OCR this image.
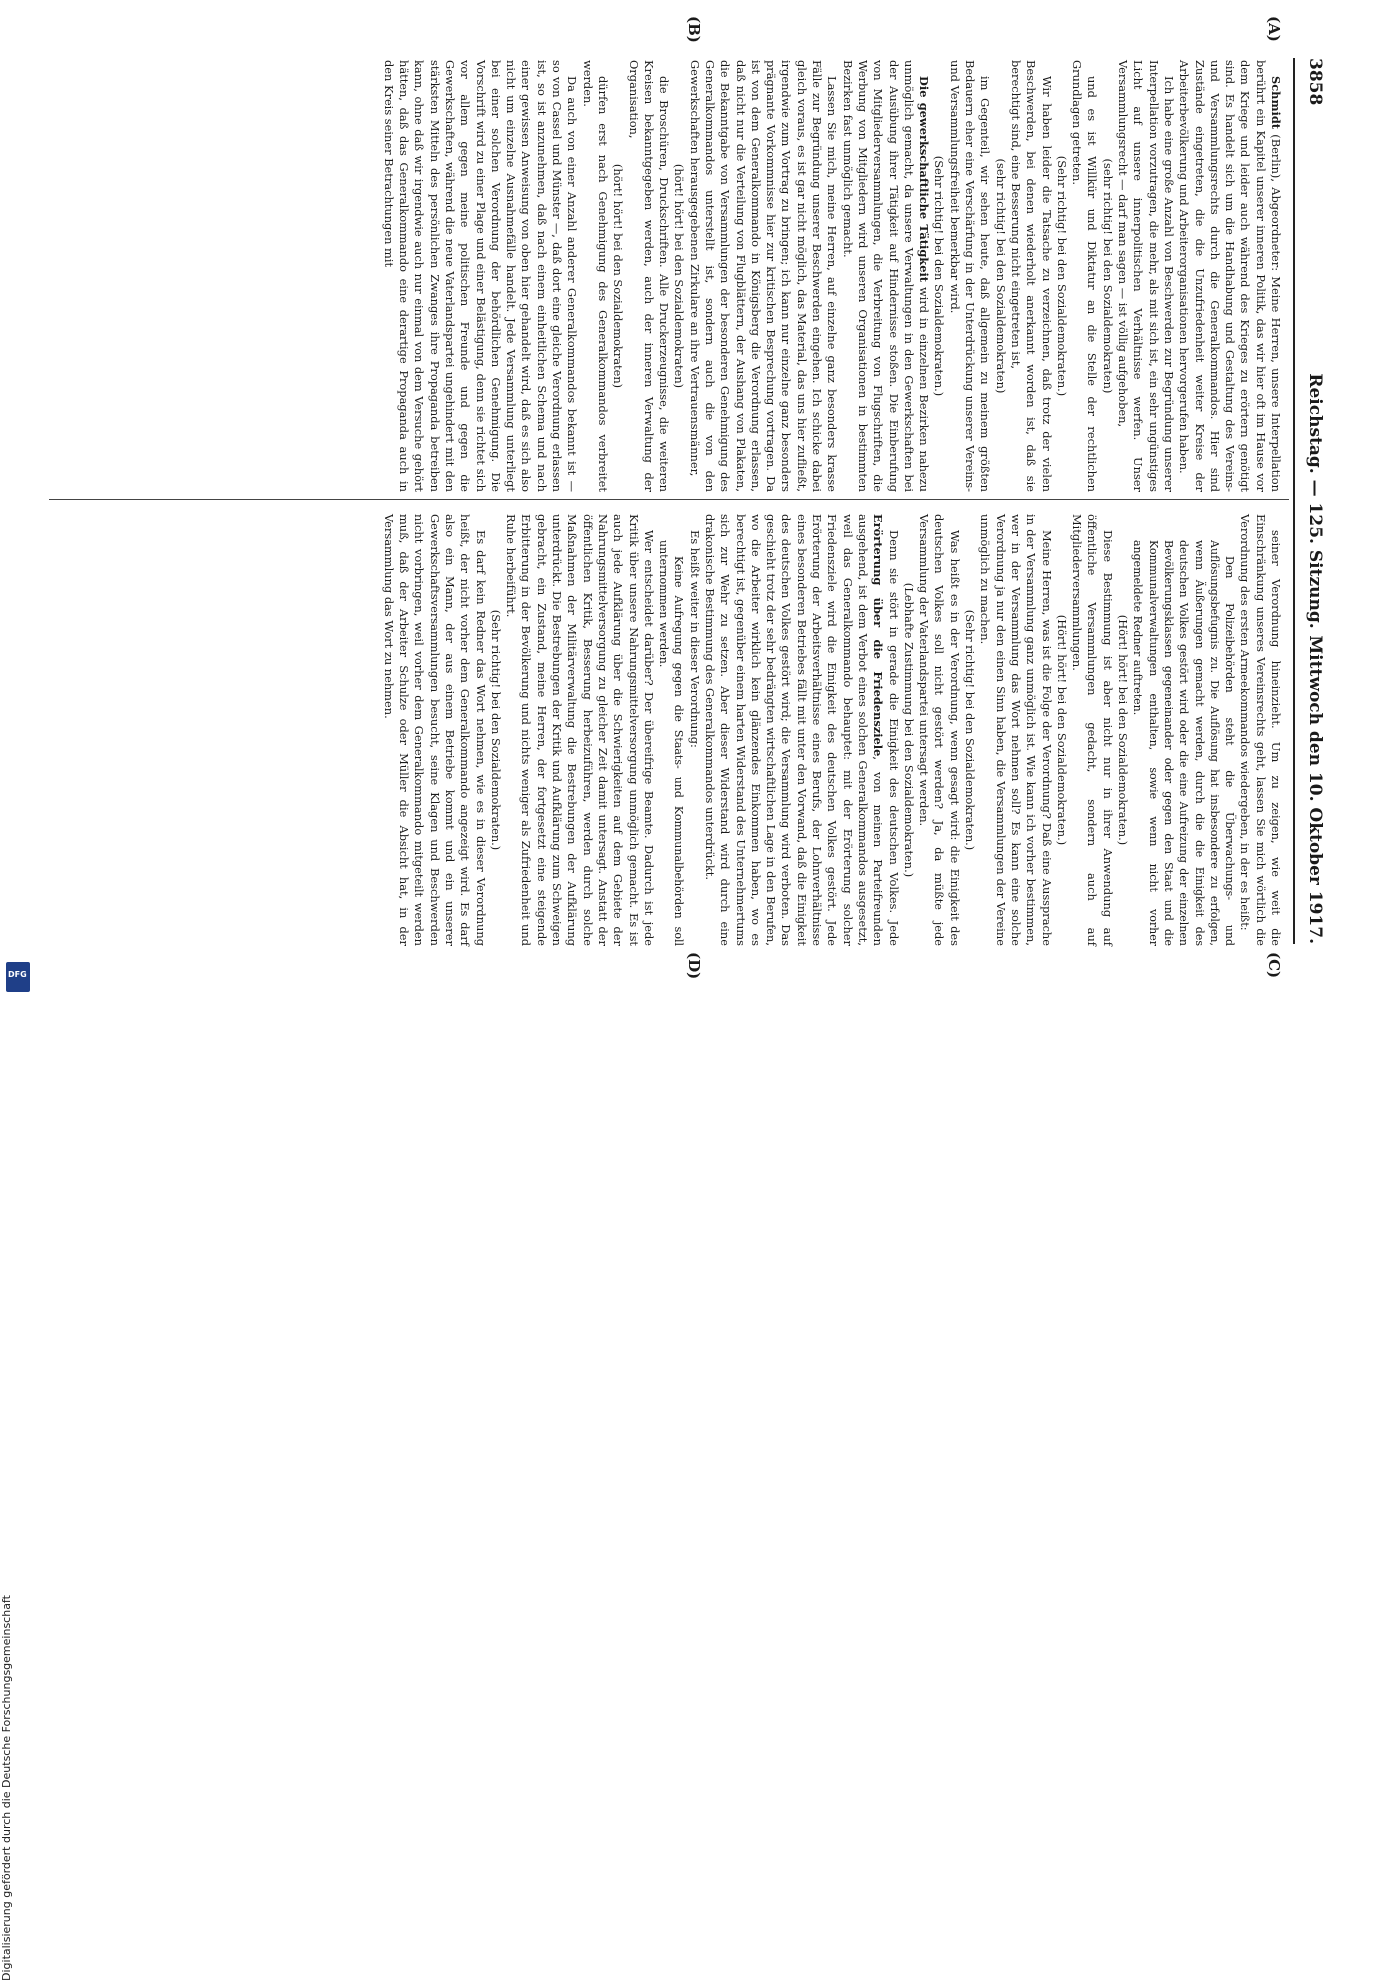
3858
Reichstag. — 125. Sitzung.
Mittwoch den 10. Oktober 1917.
(A)
(B)
(C)
(D)

Schmidt (Berlin), Abgeordneter: Meine Herren, unsere Interpellation berührt ein Kapitel unserer inneren Politik, das wir hier oft im Hause vor dem Kriege und leider auch während des Krieges zu erörtern genötigt sind. Es handelt sich um die Handhabung und Gestaltung des Vereins- und Versammlungsrechts durch die Generalkommandos. Hier sind Zustände eingetreten, die die Unzufriedenheit weiter Kreise der Arbeiterbevölkerung und Arbeiterorganisationen hervorgerufen haben.

Ich habe eine große Anzahl von Beschwerden zur Begründung unserer Interpellation vorzutragen, die mehr, als mit sich ist, ein sehr ungünstiges Licht auf unsere innerpolitischen Verhältnisse werfen. Unser Versammlungsrecht — darf man sagen — ist völlig aufgehoben,

(sehr richtig! bei den Sozialdemokraten)

und es ist Willkür und Diktatur an die Stelle der rechtlichen Grundlagen getreten.

(Sehr richtig! bei den Sozialdemokraten.)

Wir haben leider die Tatsache zu verzeichnen, daß trotz der vielen Beschwerden, bei denen wiederholt anerkannt worden ist, daß sie berechtigt sind, eine Besserung nicht eingetreten ist,

(sehr richtig! bei den Sozialdemokraten)

im Gegenteil, wir sehen heute, daß allgemein zu meinem größten Bedauern eher eine Verschärfung in der Unterdrückung unserer Vereins- und Versammlungsfreiheit bemerkbar wird.

(Sehr richtig! bei den Sozialdemokraten.)

Die gewerkschaftliche Tätigkeit wird in einzelnen Bezirken nahezu unmöglich gemacht, da unsere Verwaltungen in den Gewerkschaften bei der Ausübung ihrer Tätigkeit auf Hindernisse stoßen. Die Einberufung von Mitgliederversammlungen, die Verbreitung von Flugschriften, die Werbung von Mitgliedern wird unseren Organisationen in bestimmten Bezirken fast unmöglich gemacht.

Lassen Sie mich, meine Herren, auf einzelne ganz besonders krasse Fälle zur Begründung unserer Beschwerden eingehen. Ich schicke dabei gleich voraus, es ist gar nicht möglich, das Material, das uns hier zufließt, irgendwie zum Vortrag zu bringen; ich kann nur einzelne ganz besonders prägnante Vorkommnisse hier zur kritischen Besprechung vortragen. Da ist von dem Generalkommando in Königsberg die Verordnung erlassen, daß nicht nur die Verteilung von Flugblättern, der Aushang von Plakaten, die Bekanntgabe von Versammlungen der besonderen Genehmigung des Generalkommandos unterstellt ist, sondern auch die von den Gewerkschaften herausgegebenen Zirkulare an ihre Vertrauensmänner,

(hört! hört! bei den Sozialdemokraten)

die Broschüren, Druckschriften. Alle Druckerzeugnisse, die weiteren Kreisen bekanntgegeben werden, auch der inneren Verwaltung der Organisation,

(hört! hört! bei den Sozialdemokraten)

dürfen erst nach Genehmigung des Generalkommandos verbreitet werden.

Da auch von einer Anzahl anderer Generalkommandos bekannt ist — so von Cassel und Münster —, daß dort eine gleiche Verordnung erlassen ist, so ist anzunehmen, daß nach einem einheitlichen Schema und nach einer gewissen Anweisung von oben hier gehandelt wird, daß es sich also nicht um einzelne Ausnahmefälle handelt. Jede Versammlung unterliegt bei einer solchen Verordnung der behördlichen Genehmigung. Die Vorschrift wird zu einer Plage und einer Belästigung, denn sie richtet sich vor allem gegen meine politischen Freunde und gegen die Gewerkschaften, während die neue Vaterlandspartei ungehindert mit den stärksten Mitteln des persönlichen Zwanges ihre Propaganda betreiben kann, ohne daß wir irgendwie auch nur einmal von dem Versuche gehört hätten, daß das Generalkommando eine derartige Propaganda auch in den Kreis seiner Betrachtungen mit

seiner Verordnung hineinzieht. Um zu zeigen, wie weit die Einschränkung unseres Vereinsrechts geht, lassen Sie mich wörtlich die Verordnung des ersten Armeekommandos wiedergeben, in der es heißt:

Den Polizeibehörden steht die Überwachungs- und Auflösungsbefugnis zu. Die Auflösung hat insbesondere zu erfolgen, wenn Äußerungen gemacht werden, durch die die Einigkeit des deutschen Volkes gestört wird oder die eine Aufreizung der einzelnen Bevölkerungsklassen gegeneinander oder gegen den Staat und die Kommunalverwaltungen enthalten, sowie wenn nicht vorher angemeldete Redner auftreten.

(Hört! hört! bei den Sozialdemokraten.)

Diese Bestimmung ist aber nicht nur in ihrer Anwendung auf öffentliche Versammlungen gedacht, sondern auch auf Mitgliederversammlungen.

(Hört! hört! bei den Sozialdemokraten.)

Meine Herren, was ist die Folge der Verordnung? Daß eine Aussprache in der Versammlung ganz unmöglich ist. Wie kann ich vorher bestimmen, wer in der Versammlung das Wort nehmen soll? Es kann eine solche Verordnung ja nur den einen Sinn haben, die Versammlungen der Vereine unmöglich zu machen.

(Sehr richtig! bei den Sozialdemokraten.)

Was heißt es in der Verordnung, wenn gesagt wird: die Einigkeit des deutschen Volkes soll nicht gestört werden? Ja, da müßte jede Versammlung der Vaterlandspartei untersagt werden.

(Lebhafte Zustimmung bei den Sozialdemokraten.)

Denn sie stört in gerade die Einigkeit des deutschen Volkes. Jede Erörterung über die Friedensziele, von meinen Parteifreunden ausgehend, ist dem Verbot eines solchen Generalkommandos ausgesetzt, weil das Generalkommando behauptet: mit der Erörterung solcher Friedensziele wird die Einigkeit des deutschen Volkes gestört. Jede Erörterung der Arbeitsverhältnisse eines Berufs, der Lohnverhältnisse eines besonderen Betriebes fällt mit unter den Vorwand, daß die Einigkeit des deutschen Volkes gestört wird; die Versammlung wird verboten. Das geschieht trotz der sehr bedrängten wirtschaftlichen Lage in den Berufen, wo die Arbeiter wirklich kein glänzendes Einkommen haben, wo es berechtigt ist, gegenüber einem harten Widerstand des Unternehmertums sich zur Wehr zu setzen. Aber dieser Widerstand wird durch eine drakonische Bestimmung des Generalkommandos unterdrückt.

Es heißt weiter in dieser Verordnung:

Keine Aufregung gegen die Staats- und Kommunalbehörden soll unternommen werden.

Wer entscheidet darüber? Der übereifrige Beamte. Dadurch ist jede Kritik über unsere Nahrungsmittelversorgung unmöglich gemacht. Es ist auch jede Aufklärung über die Schwierigkeiten auf dem Gebiete der Nahrungsmittelversorgung zu gleicher Zeit damit untersagt. Anstatt der öffentlichen Kritik, Besserung herbeizuführen, werden durch solche Maßnahmen der Militärverwaltung die Bestrebungen der Aufklärung unterdrückt. Die Bestrebungen der Kritik und Aufklärung zum Schweigen gebracht, ein Zustand, meine Herren, der fortgesetzt eine steigende Erbitterung in der Bevölkerung und nichts weniger als Zufriedenheit und Ruhe herbeiführt.

(Sehr richtig! bei den Sozialdemokraten.)

Es darf kein Redner das Wort nehmen, wie es in dieser Verordnung heißt, der nicht vorher dem Generalkommando angezeigt wird. Es darf also ein Mann, der aus einem Betriebe kommt und ein unserer Gewerkschaftsversammlungen besucht, seine Klagen und Beschwerden nicht vorbringen, weil vorher dem Generalkommando mitgeteilt werden muß, daß der Arbeiter Schulze oder Müller die Absicht hat, in der Versammlung das Wort zu nehmen.

Digitalisierung gefördert durch die Deutsche Forschungsgemeinschaft
DFG
